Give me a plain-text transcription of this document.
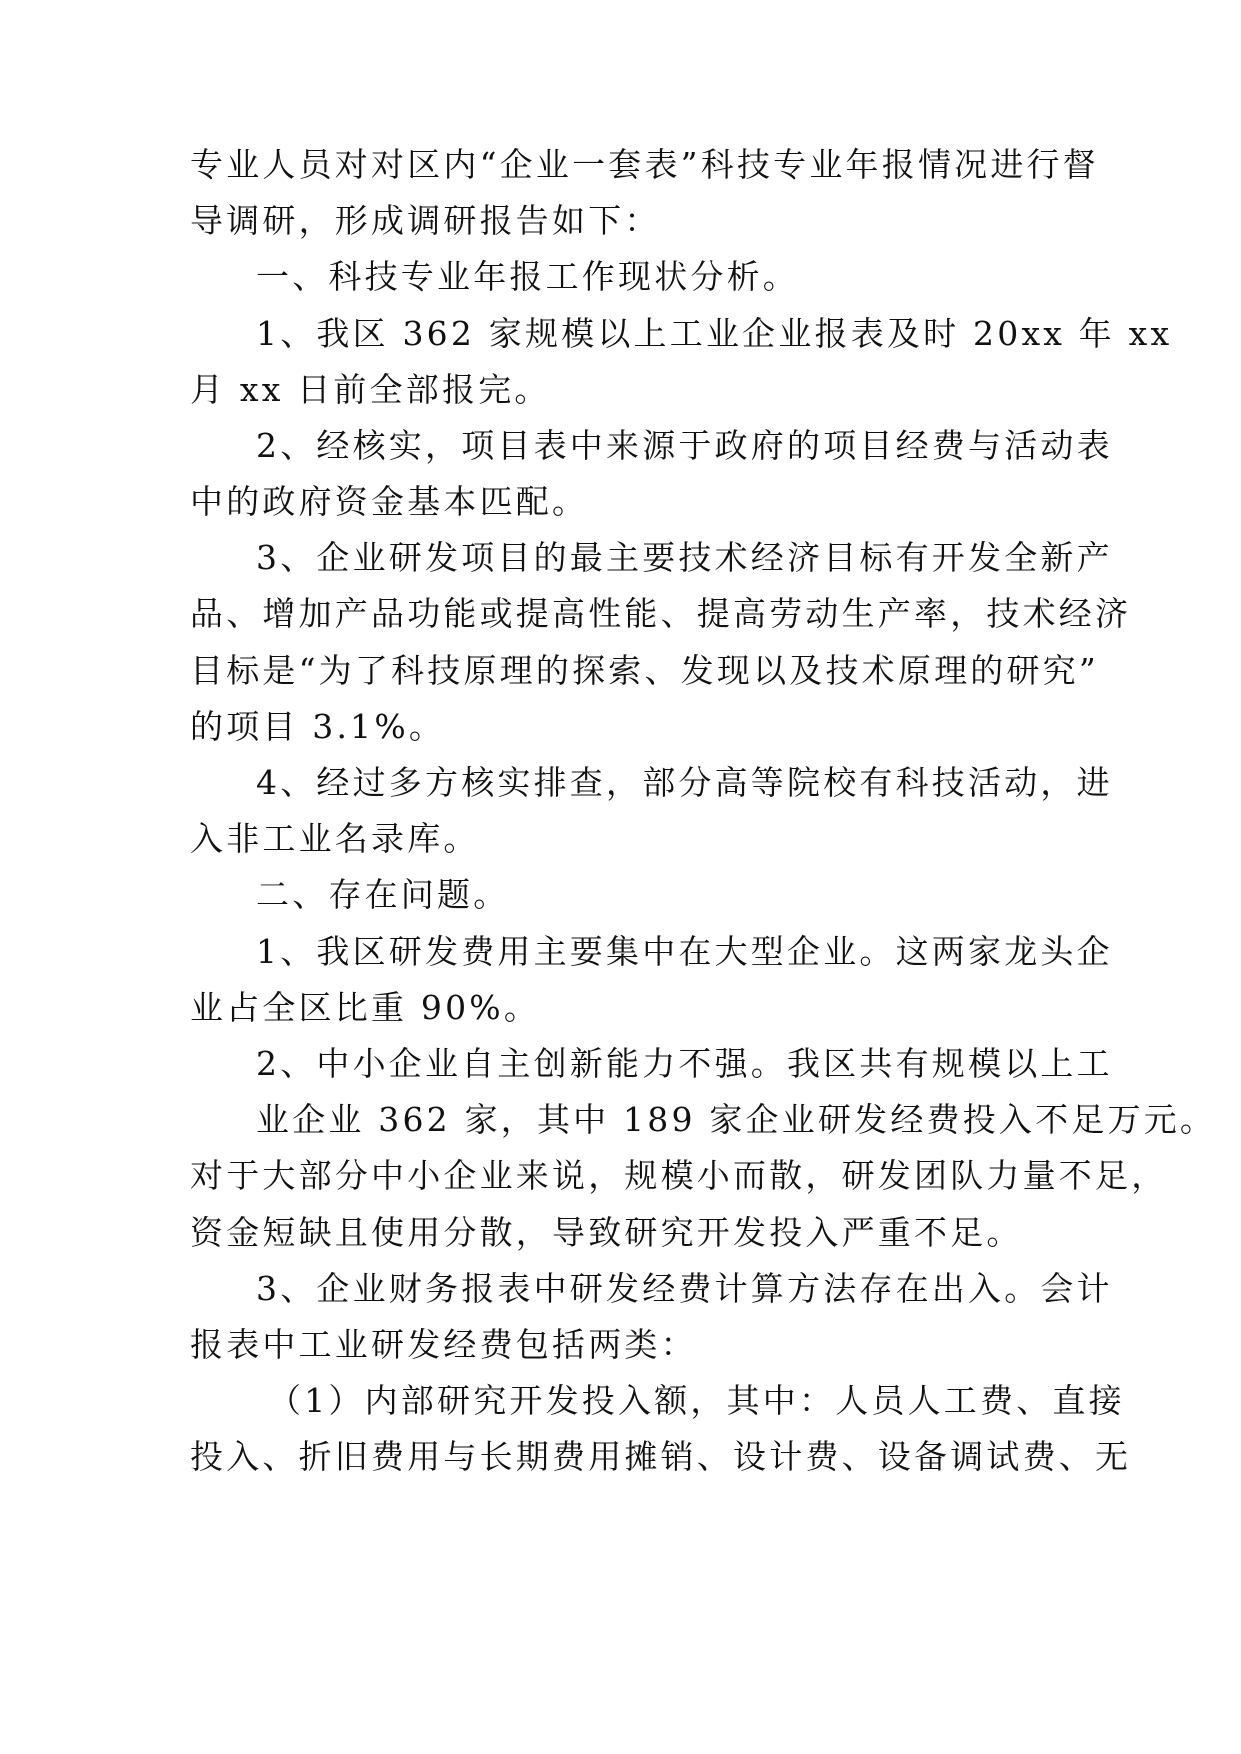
专业人员对对区内“企业一套表”科技专业年报情况进行督
导调研，形成调研报告如下：
一、科技专业年报工作现状分析。
1、我区 362 家规模以上工业企业报表及时 20xx 年 xx
月 xx 日前全部报完。
2、经核实，项目表中来源于政府的项目经费与活动表
中的政府资金基本匹配。
3、企业研发项目的最主要技术经济目标有开发全新产
品、增加产品功能或提高性能、提高劳动生产率，技术经济
目标是“为了科技原理的探索、发现以及技术原理的研究”
的项目 3.1%。
4、经过多方核实排查，部分高等院校有科技活动，进
入非工业名录库。
二、存在问题。
1、我区研发费用主要集中在大型企业。这两家龙头企
业占全区比重 90%。
2、中小企业自主创新能力不强。我区共有规模以上工
业企业 362 家，其中 189 家企业研发经费投入不足万元。
对于大部分中小企业来说，规模小而散，研发团队力量不足，
资金短缺且使用分散，导致研究开发投入严重不足。
3、企业财务报表中研发经费计算方法存在出入。会计
报表中工业研发经费包括两类：
（1）内部研究开发投入额，其中：人员人工费、直接
投入、折旧费用与长期费用摊销、设计费、设备调试费、无
